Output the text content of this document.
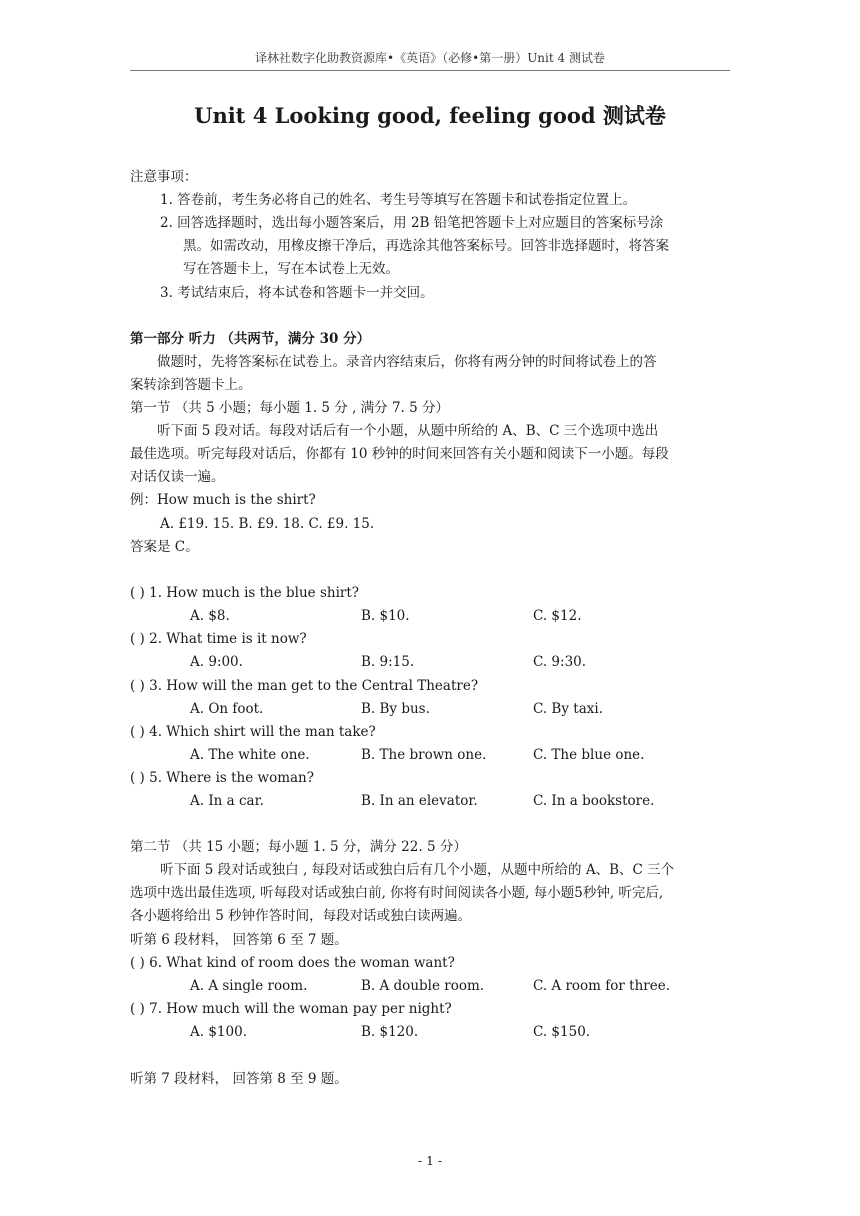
译林社数字化助教资源库•《英语》（必修•第一册）Unit 4 测试卷
Unit 4 Looking good, feeling good 测试卷
注意事项：
1. 答卷前，考生务必将自己的姓名、考生号等填写在答题卡和试卷指定位置上。
2. 回答选择题时，选出每小题答案后，用 2B 铅笔把答题卡上对应题目的答案标号涂
黑。如需改动，用橡皮擦干净后，再选涂其他答案标号。回答非选择题时，将答案
写在答题卡上，写在本试卷上无效。
3. 考试结束后，将本试卷和答题卡一并交回。
第一部分 听力 （共两节，满分 30 分）
做题时，先将答案标在试卷上。录音内容结束后，你将有两分钟的时间将试卷上的答
案转涂到答题卡上。
第一节 （共 5 小题；每小题 1. 5 分 , 满分 7. 5 分）
听下面 5 段对话。每段对话后有一个小题，从题中所给的 A、B、C 三个选项中选出
最佳选项。听完每段对话后，你都有 10 秒钟的时间来回答有关小题和阅读下一小题。每段
对话仅读一遍。
例：How much is the shirt?
A. £19. 15. B. £9. 18. C. £9. 15.
答案是 C。
( ) 1. How much is the blue shirt?
A. $8.	B. $10.	C. $12.
( ) 2. What time is it now?
A. 9:00.	B. 9:15.	C. 9:30.
( ) 3. How will the man get to the Central Theatre?
A. On foot.	B. By bus.	C. By taxi.
( ) 4. Which shirt will the man take?
A. The white one.	B. The brown one.	C. The blue one.
( ) 5. Where is the woman?
A. In a car.	B. In an elevator.	C. In a bookstore.
第二节 （共 15 小题；每小题 1. 5 分，满分 22. 5 分）
听下面 5 段对话或独白 , 每段对话或独白后有几个小题，从题中所给的 A、B、C 三个
选项中选出最佳选项, 听每段对话或独白前, 你将有时间阅读各小题, 每小题5秒钟, 听完后,
各小题将给出 5 秒钟作答时间，每段对话或独白读两遍。
听第 6 段材料， 回答第 6 至 7 题。
( ) 6. What kind of room does the woman want?
A. A single room.	B. A double room.	C. A room for three.
( ) 7. How much will the woman pay per night?
A. $100.	B. $120.	C. $150.
听第 7 段材料， 回答第 8 至 9 题。
- 1 -
